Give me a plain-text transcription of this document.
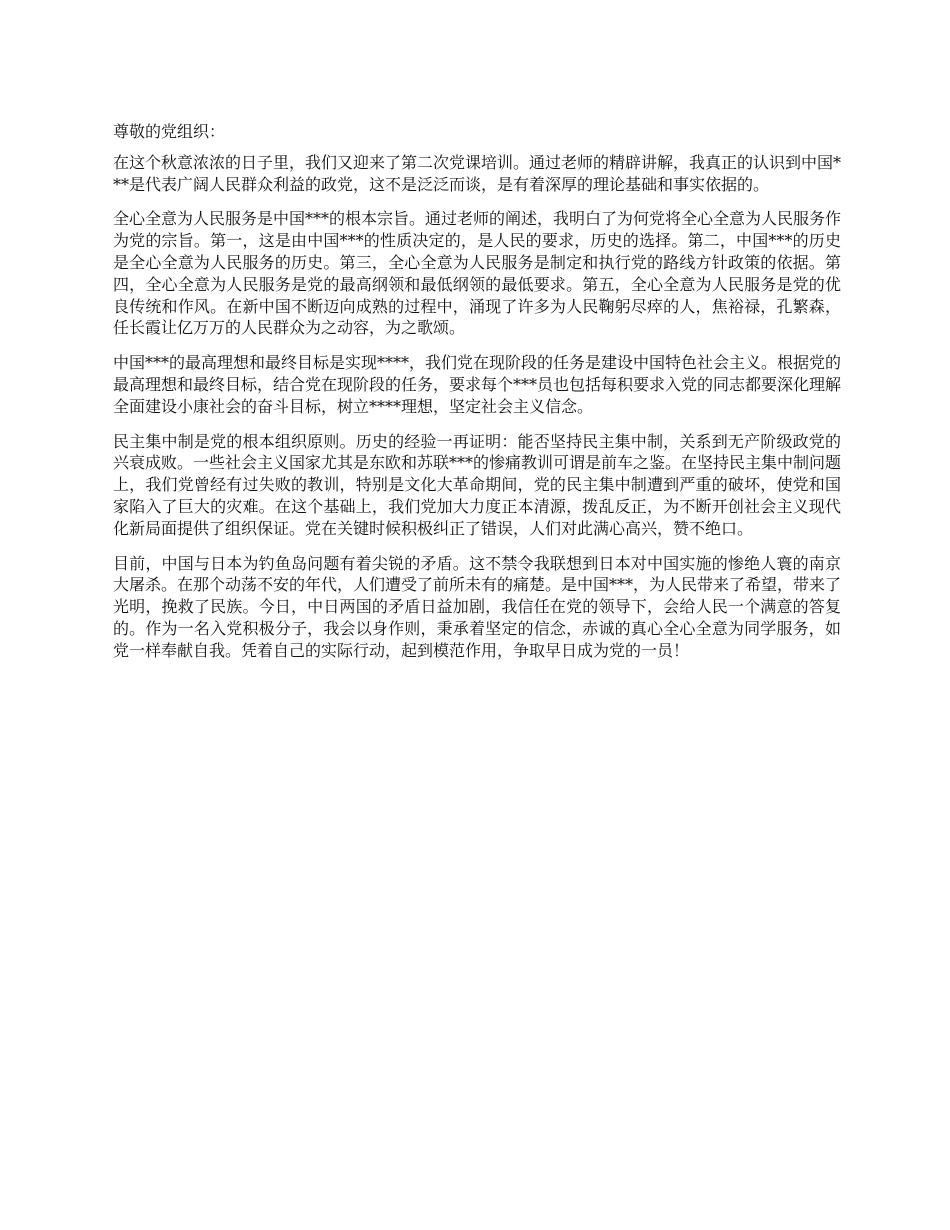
尊敬的党组织：

在这个秋意浓浓的日子里，我们又迎来了第二次党课培训。通过老师的精辟讲解，我真正的认识到中国***是代表广阔人民群众利益的政党，这不是泛泛而谈，是有着深厚的理论基础和事实依据的。

全心全意为人民服务是中国***的根本宗旨。通过老师的阐述，我明白了为何党将全心全意为人民服务作为党的宗旨。第一，这是由中国***的性质决定的，是人民的要求，历史的选择。第二，中国***的历史是全心全意为人民服务的历史。第三，全心全意为人民服务是制定和执行党的路线方针政策的依据。第四，全心全意为人民服务是党的最高纲领和最低纲领的最低要求。第五，全心全意为人民服务是党的优良传统和作风。在新中国不断迈向成熟的过程中，涌现了许多为人民鞠躬尽瘁的人，焦裕禄，孔繁森，任长霞让亿万万的人民群众为之动容，为之歌颂。

中国***的最高理想和最终目标是实现****，我们党在现阶段的任务是建设中国特色社会主义。根据党的最高理想和最终目标，结合党在现阶段的任务，要求每个***员也包括每积要求入党的同志都要深化理解全面建设小康社会的奋斗目标，树立****理想，坚定社会主义信念。

民主集中制是党的根本组织原则。历史的经验一再证明：能否坚持民主集中制，关系到无产阶级政党的兴衰成败。一些社会主义国家尤其是东欧和苏联***的惨痛教训可谓是前车之鉴。在坚持民主集中制问题上，我们党曾经有过失败的教训，特别是文化大革命期间，党的民主集中制遭到严重的破坏，使党和国家陷入了巨大的灾难。在这个基础上，我们党加大力度正本清源，拨乱反正，为不断开创社会主义现代化新局面提供了组织保证。党在关键时候积极纠正了错误，人们对此满心高兴，赞不绝口。

目前，中国与日本为钓鱼岛问题有着尖锐的矛盾。这不禁令我联想到日本对中国实施的惨绝人寰的南京大屠杀。在那个动荡不安的年代，人们遭受了前所未有的痛楚。是中国***，为人民带来了希望，带来了光明，挽救了民族。今日，中日两国的矛盾日益加剧，我信任在党的领导下，会给人民一个满意的答复的。作为一名入党积极分子，我会以身作则，秉承着坚定的信念，赤诚的真心全心全意为同学服务，如党一样奉献自我。凭着自己的实际行动，起到模范作用，争取早日成为党的一员！
